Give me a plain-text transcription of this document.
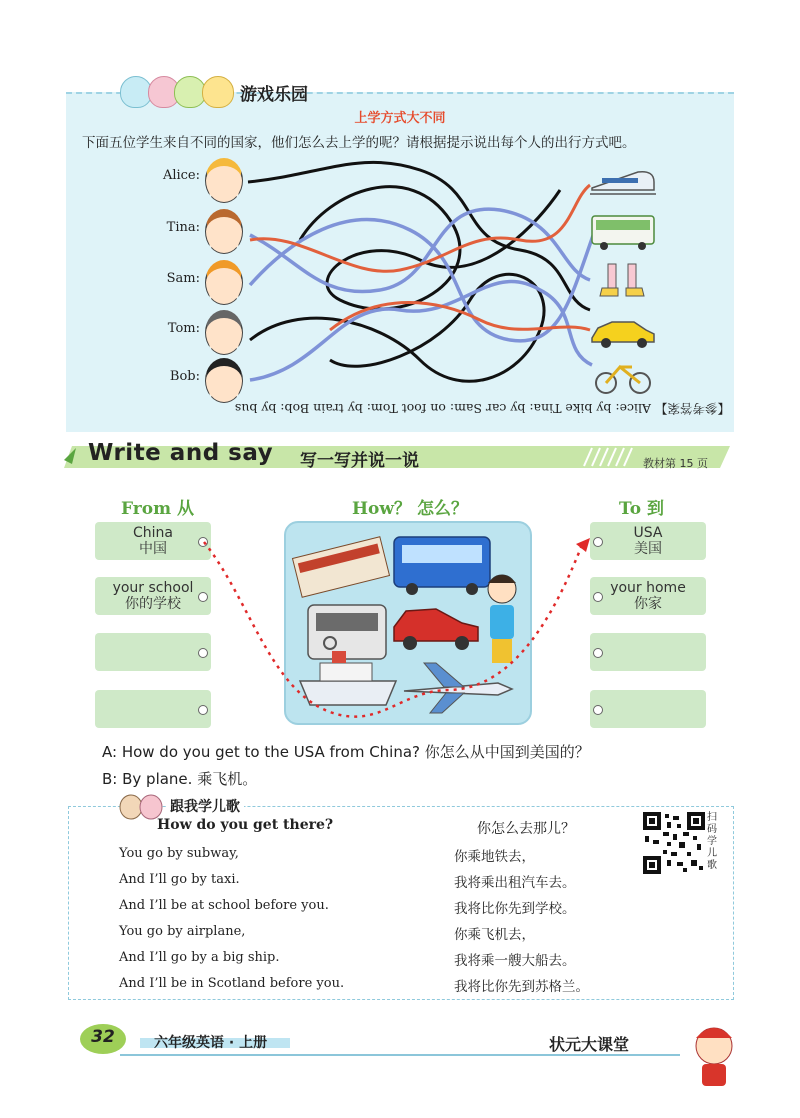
游戏乐园
上学方式大不同
下面五位学生来自不同的国家，他们怎么去上学的呢？请根据提示说出每个人的出行方式吧。
Alice:
Tina:
Sam:
Tom:
Bob:
【参考答案】 Alice: by bike Tina: by car Sam: on foot Tom: by train Bob: by bus
Write and say 写一写并说一说	教材第 15 页
From 从	How？ 怎么？	To 到
China
中国
your school
你的学校
USA
美国
your home
你家
A: How do you get to the USA from China? 你怎么从中国到美国的？
B: By plane. 乘飞机。
跟我学儿歌
How do you get there?	你怎么去那儿？
You go by subway,
And I’ll go by taxi.
And I’ll be at school before you.
You go by airplane,
And I’ll go by a big ship.
And I’ll be in Scotland before you.
你乘地铁去，
我将乘出租汽车去。
我将比你先到学校。
你乘飞机去，
我将乘一艘大船去。
我将比你先到苏格兰。
扫码学儿歌
32	六年级英语 · 上册	状元大课堂
